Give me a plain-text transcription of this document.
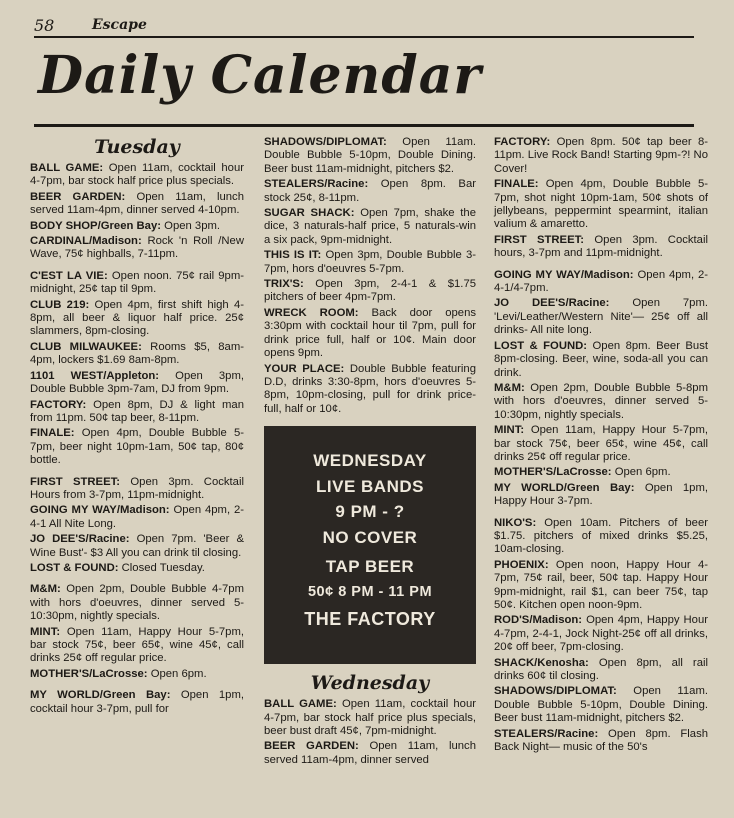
58	Escape
Daily Calendar
Tuesday

BALL GAME: Open 11am, cocktail hour 4-7pm, bar stock half price plus specials.

BEER GARDEN: Open 11am, lunch served 11am-4pm, dinner served 4-10pm.

BODY SHOP/Green Bay: Open 3pm.

CARDINAL/Madison: Rock 'n Roll /New Wave, 75¢ highballs, 7-11pm.

C'EST LA VIE: Open noon. 75¢ rail 9pm-midnight, 25¢ tap til 9pm.

CLUB 219: Open 4pm, first shift high 4-8pm, all beer & liquor half price. 25¢ slammers, 8pm-closing.

CLUB MILWAUKEE: Rooms $5, 8am-4pm, lockers $1.69 8am-8pm.

1101 WEST/Appleton: Open 3pm, Double Bubble 3pm-7am, DJ from 9pm.

FACTORY: Open 8pm, DJ & light man from 11pm. 50¢ tap beer, 8-11pm.

FINALE: Open 4pm, Double Bubble 5-7pm, beer night 10pm-1am, 50¢ tap, 80¢ bottle.

FIRST STREET: Open 3pm. Cocktail Hours from 3-7pm, 11pm-midnight.

GOING MY WAY/Madison: Open 4pm, 2-4-1 All Nite Long.

JO DEE'S/Racine: Open 7pm. 'Beer & Wine Bust'- $3 All you can drink til closing.

LOST & FOUND: Closed Tuesday.

M&M: Open 2pm, Double Bubble 4-7pm with hors d'oeuvres, dinner served 5-10:30pm, nightly specials.

MINT: Open 11am, Happy Hour 5-7pm, bar stock 75¢, beer 65¢, wine 45¢, call drinks 25¢ off regular price.

MOTHER'S/LaCrosse: Open 6pm.

MY WORLD/Green Bay: Open 1pm, cocktail hour 3-7pm, pull for

SHADOWS/DIPLOMAT: Open 11am. Double Bubble 5-10pm, Double Dining. Beer bust 11am-midnight, pitchers $2.

STEALERS/Racine: Open 8pm. Bar stock 25¢, 8-11pm.

SUGAR SHACK: Open 7pm, shake the dice, 3 naturals-half price, 5 naturals-win a six pack, 9pm-midnight.

THIS IS IT: Open 3pm, Double Bubble 3-7pm, hors d'oeuvres 5-7pm.

TRIX'S: Open 3pm, 2-4-1 & $1.75 pitchers of beer 4pm-7pm.

WRECK ROOM: Back door opens 3:30pm with cocktail hour til 7pm, pull for drink price full, half or 10¢. Main door opens 9pm.

YOUR PLACE: Double Bubble featuring D.D, drinks 3:30-8pm, hors d'oeuvres 5-8pm, 10pm-closing, pull for drink price-full, half or 10¢.

WEDNESDAY
LIVE BANDS
9 PM - ?
NO COVER
TAP BEER
50¢ 8 PM - 11 PM
THE FACTORY
Wednesday

BALL GAME: Open 11am, cocktail hour 4-7pm, bar stock half price plus specials, beer bust draft 45¢, 7pm-midnight.

BEER GARDEN: Open 11am, lunch served 11am-4pm, dinner served

FACTORY: Open 8pm. 50¢ tap beer 8-11pm. Live Rock Band! Starting 9pm-?! No Cover!

FINALE: Open 4pm, Double Bubble 5-7pm, shot night 10pm-1am, 50¢ shots of jellybeans, peppermint spearmint, italian valium & amaretto.

FIRST STREET: Open 3pm. Cocktail hours, 3-7pm and 11pm-midnight.

GOING MY WAY/Madison: Open 4pm, 2-4-1/4-7pm.

JO DEE'S/Racine: Open 7pm. 'Levi/Leather/Western Nite'— 25¢ off all drinks- All nite long.

LOST & FOUND: Open 8pm. Beer Bust 8pm-closing. Beer, wine, soda-all you can drink.

M&M: Open 2pm, Double Bubble 5-8pm with hors d'oeuvres, dinner served 5-10:30pm, nightly specials.

MINT: Open 11am, Happy Hour 5-7pm, bar stock 75¢, beer 65¢, wine 45¢, call drinks 25¢ off regular price.

MOTHER'S/LaCrosse: Open 6pm.

MY WORLD/Green Bay: Open 1pm, Happy Hour 3-7pm.

NIKO'S: Open 10am. Pitchers of beer $1.75. pitchers of mixed drinks $5.25, 10am-closing.

PHOENIX: Open noon, Happy Hour 4-7pm, 75¢ rail, beer, 50¢ tap. Happy Hour 9pm-midnight, rail $1, can beer 75¢, tap 50¢. Kitchen open noon-9pm.

ROD'S/Madison: Open 4pm, Happy Hour 4-7pm, 2-4-1, Jock Night-25¢ off all drinks, 20¢ off beer, 7pm-closing.

SHACK/Kenosha: Open 8pm, all rail drinks 60¢ til closing.

SHADOWS/DIPLOMAT: Open 11am. Double Bubble 5-10pm, Double Dining. Beer bust 11am-midnight, pitchers $2.

STEALERS/Racine: Open 8pm. Flash Back Night— music of the 50's
